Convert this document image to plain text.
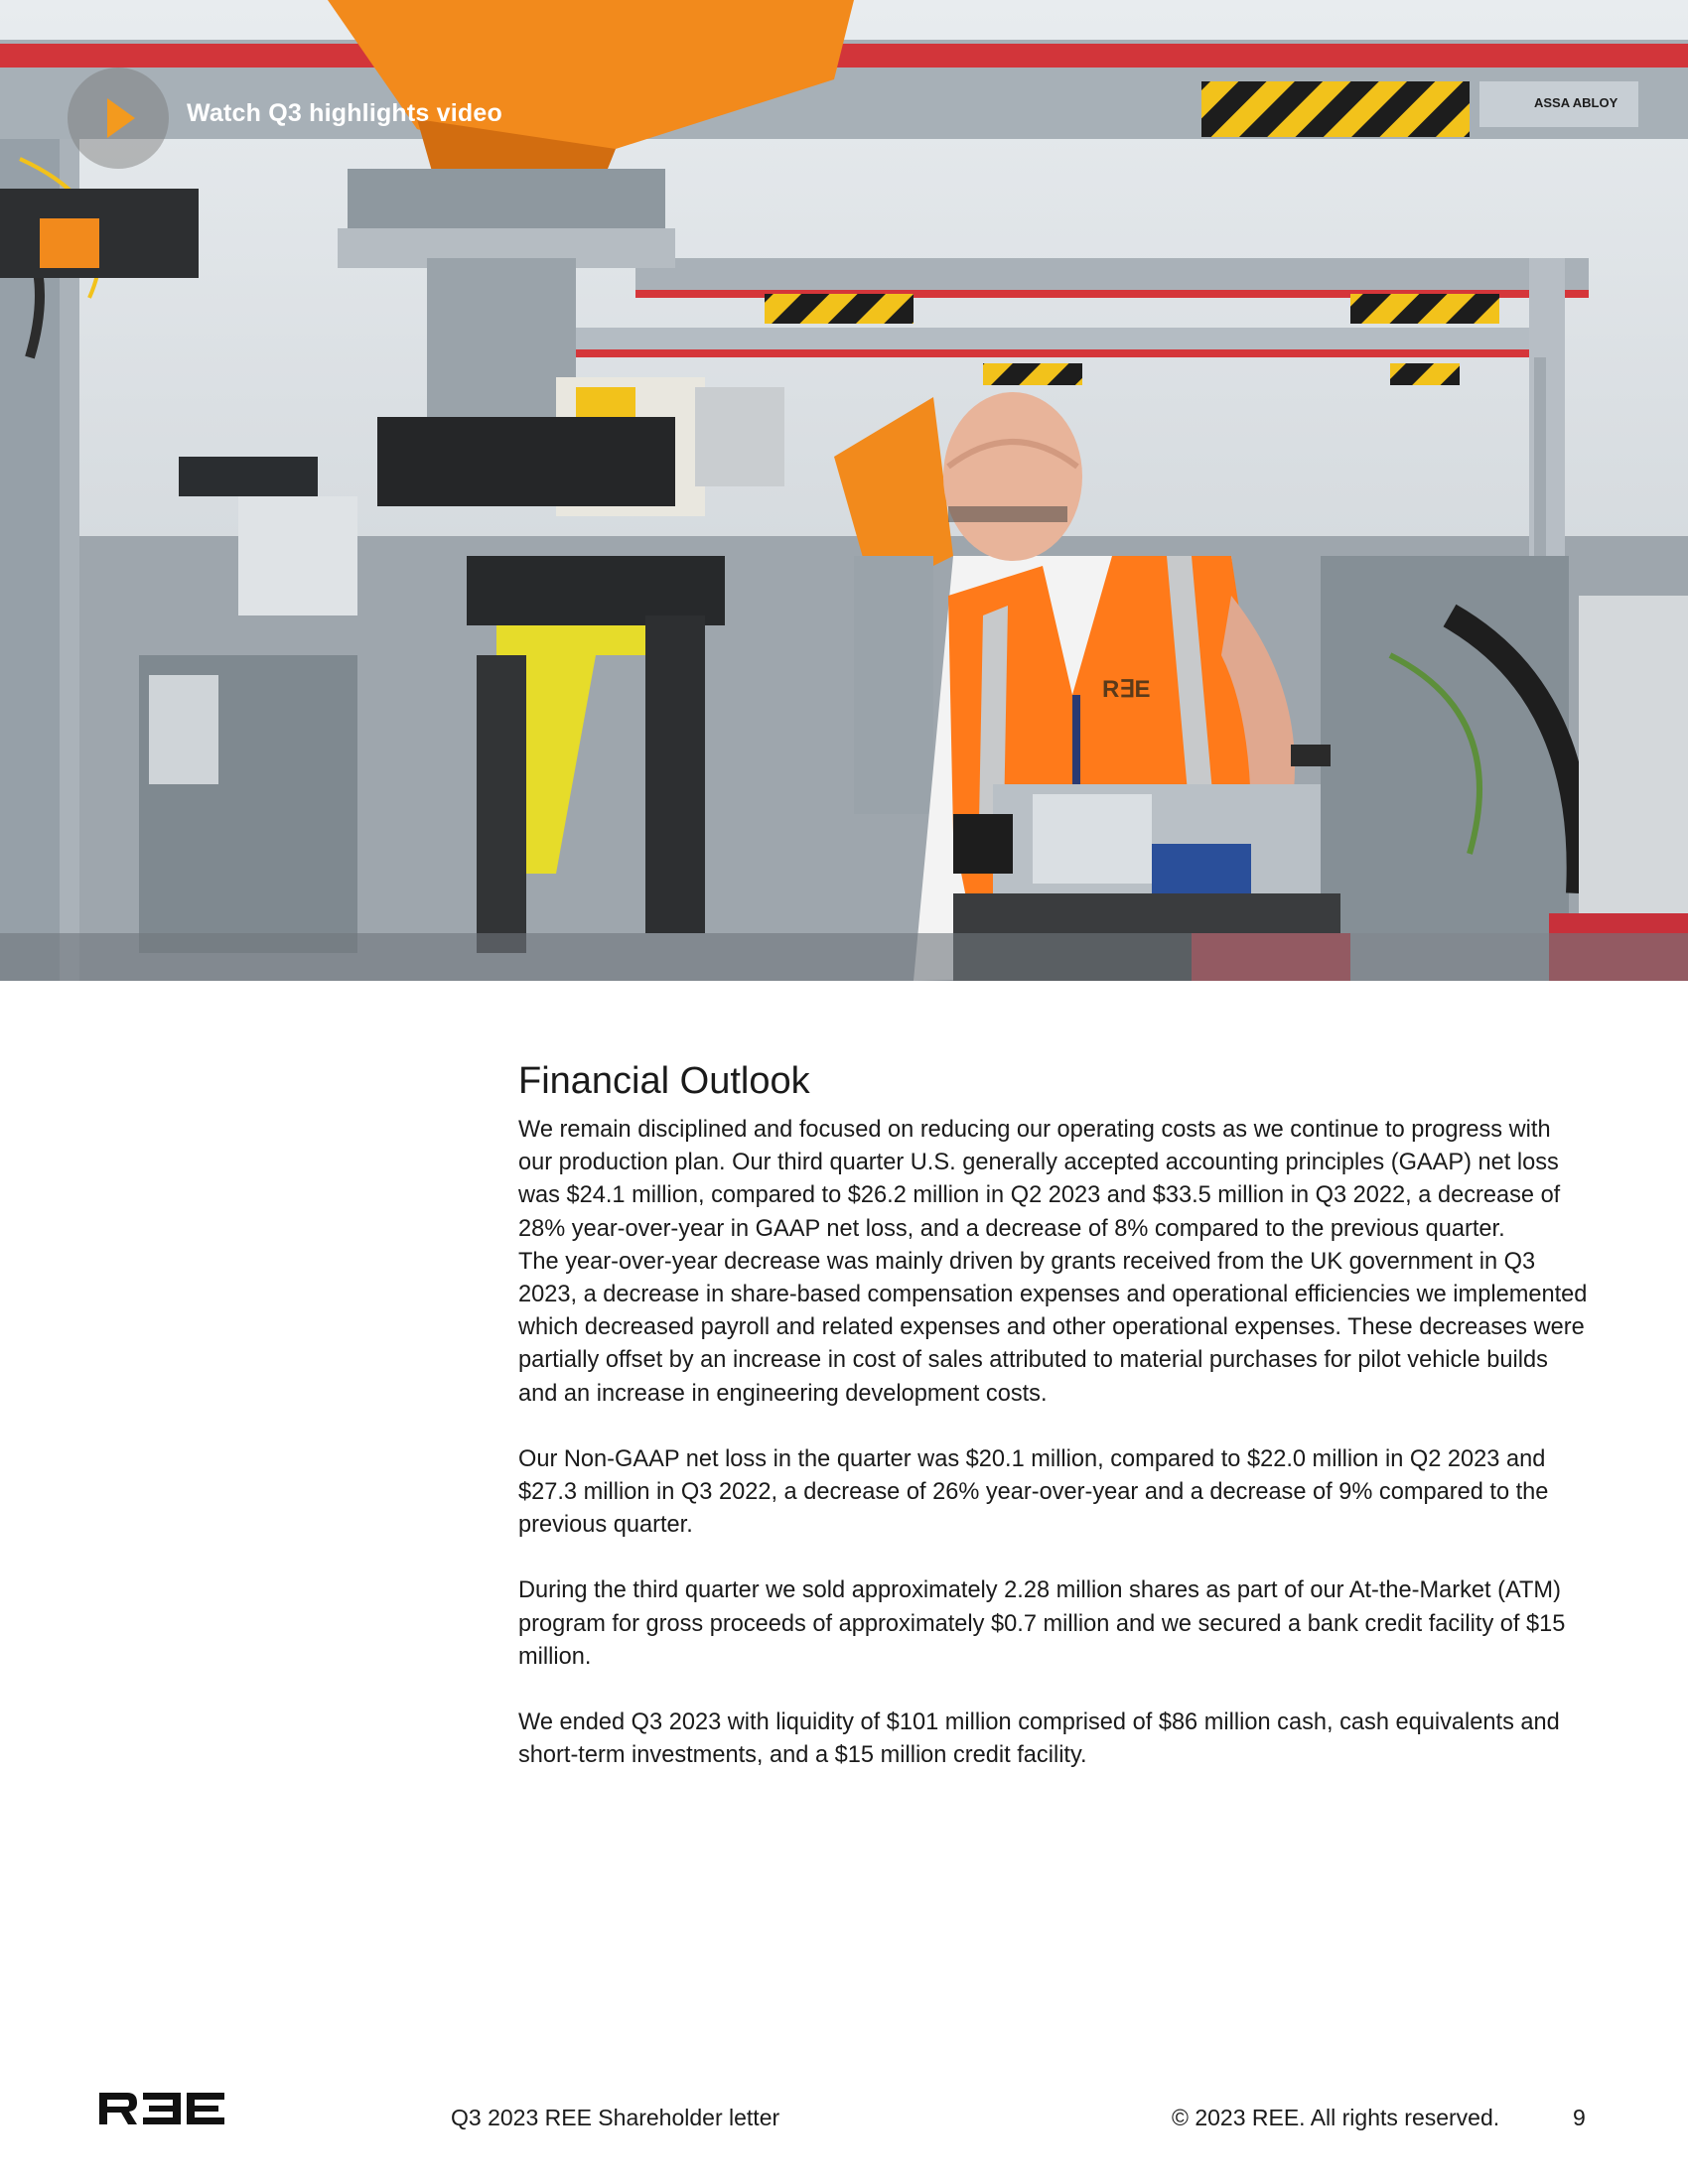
ASSA ABLOY
R∃E
Watch Q3 highlights video
Financial Outlook

We remain disciplined and focused on reducing our operating costs as we continue to progress with our production plan. Our third quarter U.S. generally accepted accounting principles (GAAP) net loss was $24.1 million, compared to $26.2 million in Q2 2023 and $33.5 million in Q3 2022, a decrease of 28% year-over-year in GAAP net loss, and a decrease of 8% compared to the previous quarter.

The year-over-year decrease was mainly driven by grants received from the UK government in Q3 2023, a decrease in share-based compensation expenses and operational efficiencies we implemented which decreased payroll and related expenses and other operational expenses. These decreases were partially offset by an increase in cost of sales attributed to material purchases for pilot vehicle builds and an increase in engineering development costs.

Our Non-GAAP net loss in the quarter was $20.1 million, compared to $22.0 million in Q2 2023 and $27.3 million in Q3 2022, a decrease of 26% year-over-year and a decrease of 9% compared to the previous quarter.

During the third quarter we sold approximately 2.28 million shares as part of our At-the-Market (ATM) program for gross proceeds of approximately $0.7 million and we secured a bank credit facility of $15 million.

We ended Q3 2023 with liquidity of $101 million comprised of $86 million cash, cash equivalents and short-term investments, and a $15 million credit facility.

Q3 2023 REE Shareholder letter	© 2023 REE. All rights reserved.	9
